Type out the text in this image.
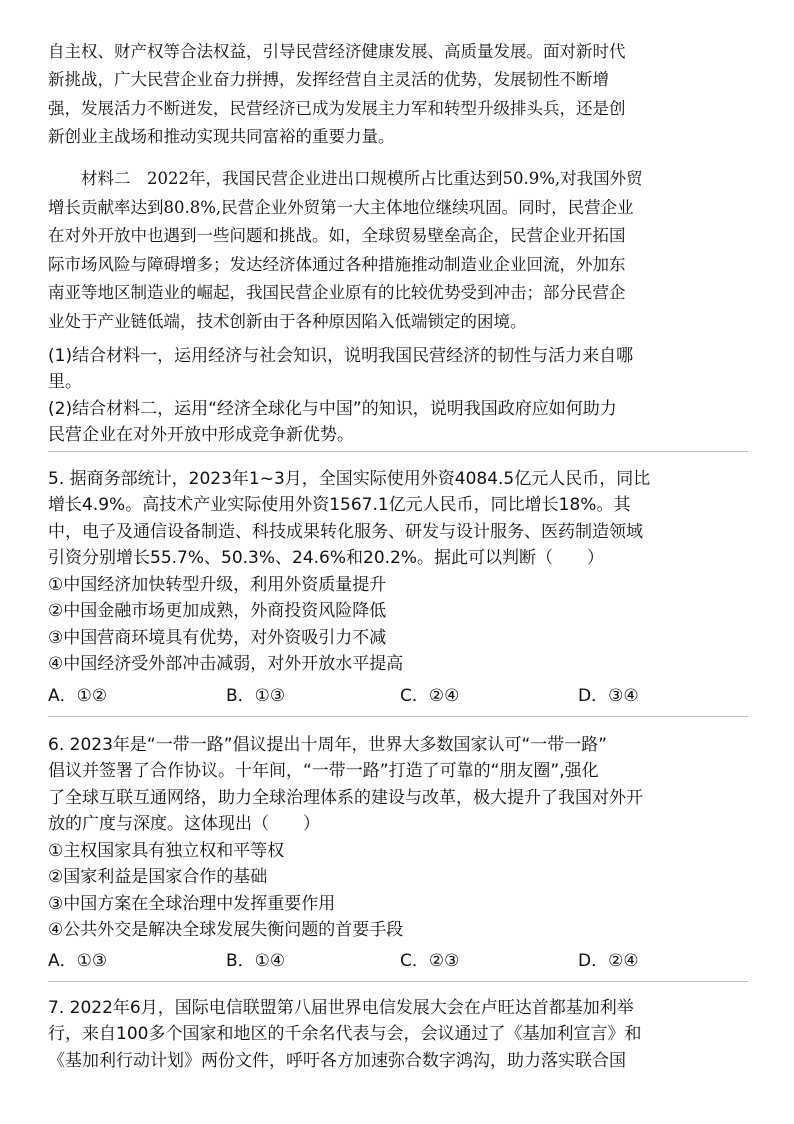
自主权、财产权等合法权益，引导民营经济健康发展、高质量发展。面对新时代
新挑战，广大民营企业奋力拼搏，发挥经营自主灵活的优势，发展韧性不断增
强，发展活力不断迸发，民营经济已成为发展主力军和转型升级排头兵，还是创
新创业主战场和推动实现共同富裕的重要力量。
材料二　2022年，我国民营企业进出口规模所占比重达到50.9%,对我国外贸
增长贡献率达到80.8%,民营企业外贸第一大主体地位继续巩固。同时，民营企业
在对外开放中也遇到一些问题和挑战。如，全球贸易壁垒高企，民营企业开拓国
际市场风险与障碍增多；发达经济体通过各种措施推动制造业企业回流，外加东
南亚等地区制造业的崛起，我国民营企业原有的比较优势受到冲击；部分民营企
业处于产业链低端，技术创新由于各种原因陷入低端锁定的困境。
(1)结合材料一，运用经济与社会知识，说明我国民营经济的韧性与活力来自哪
里。
(2)结合材料二，运用“经济全球化与中国”的知识，说明我国政府应如何助力
民营企业在对外开放中形成竞争新优势。
5. 据商务部统计，2023年1~3月，全国实际使用外资4084.5亿元人民币，同比
增长4.9%。高技术产业实际使用外资1567.1亿元人民币，同比增长18%。其
中，电子及通信设备制造、科技成果转化服务、研发与设计服务、医药制造领域
引资分别增长55.7%、50.3%、24.6%和20.2%。据此可以判断（　　）
①中国经济加快转型升级，利用外资质量提升
②中国金融市场更加成熟，外商投资风险降低
③中国营商环境具有优势，对外资吸引力不减
④中国经济受外部冲击减弱，对外开放水平提高
A．①②	B．①③	C．②④	D．③④
6. 2023年是“一带一路”倡议提出十周年，世界大多数国家认可“一带一路”
倡议并签署了合作协议。十年间，“一带一路”打造了可靠的“朋友圈”,强化
了全球互联互通网络，助力全球治理体系的建设与改革，极大提升了我国对外开
放的广度与深度。这体现出（　　）
①主权国家具有独立权和平等权
②国家利益是国家合作的基础
③中国方案在全球治理中发挥重要作用
④公共外交是解决全球发展失衡问题的首要手段
A．①③	B．①④	C．②③	D．②④
7. 2022年6月，国际电信联盟第八届世界电信发展大会在卢旺达首都基加利举
行，来自100多个国家和地区的千余名代表与会，会议通过了《基加利宣言》和
《基加利行动计划》两份文件，呼吁各方加速弥合数字鸿沟，助力落实联合国
